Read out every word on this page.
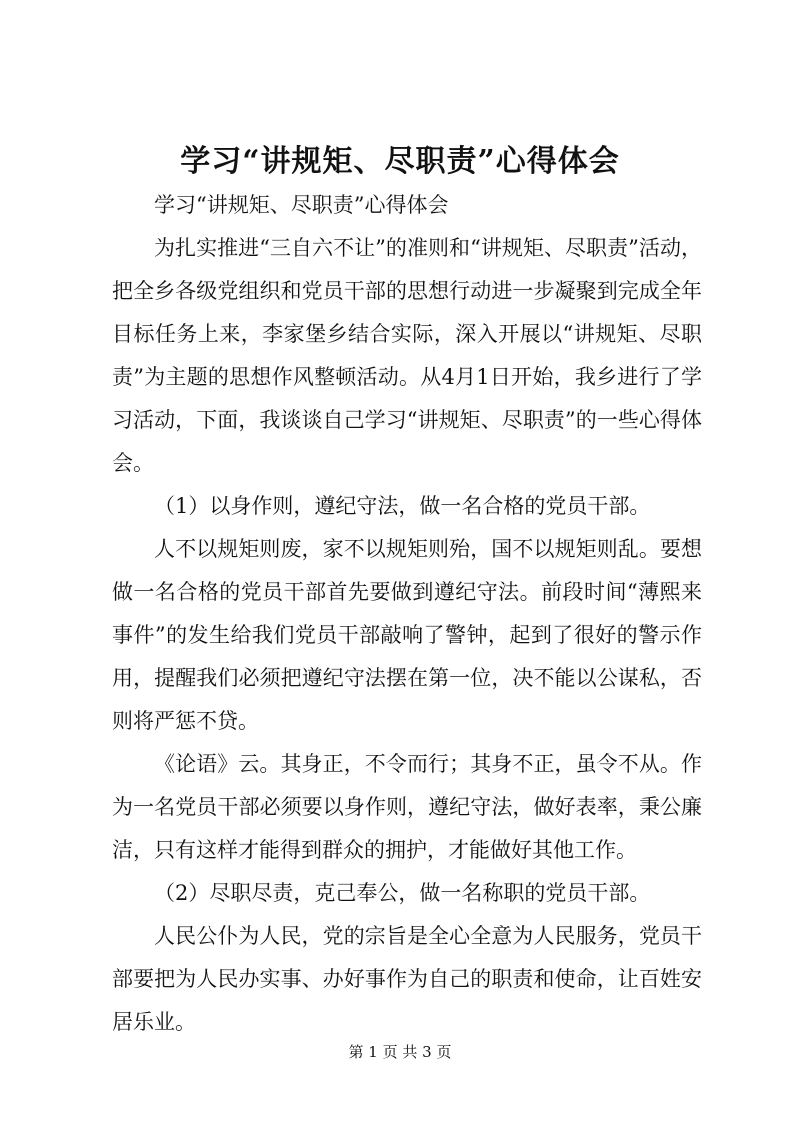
学习“讲规矩、尽职责”心得体会

学习“讲规矩、尽职责”心得体会

为扎实推进“三自六不让”的准则和“讲规矩、尽职责”活动，把全乡各级党组织和党员干部的思想行动进一步凝聚到完成全年目标任务上来，李家堡乡结合实际，深入开展以“讲规矩、尽职责”为主题的思想作风整顿活动。从4月1日开始，我乡进行了学习活动，下面，我谈谈自己学习“讲规矩、尽职责”的一些心得体会。

（1）以身作则，遵纪守法，做一名合格的党员干部。

人不以规矩则废，家不以规矩则殆，国不以规矩则乱。要想做一名合格的党员干部首先要做到遵纪守法。前段时间“薄熙来事件”的发生给我们党员干部敲响了警钟，起到了很好的警示作用，提醒我们必须把遵纪守法摆在第一位，决不能以公谋私，否则将严惩不贷。

《论语》云。其身正，不令而行；其身不正，虽令不从。作为一名党员干部必须要以身作则，遵纪守法，做好表率，秉公廉洁，只有这样才能得到群众的拥护，才能做好其他工作。

（2）尽职尽责，克己奉公，做一名称职的党员干部。

人民公仆为人民，党的宗旨是全心全意为人民服务，党员干部要把为人民办实事、办好事作为自己的职责和使命，让百姓安居乐业。

第 1 页 共 3 页
